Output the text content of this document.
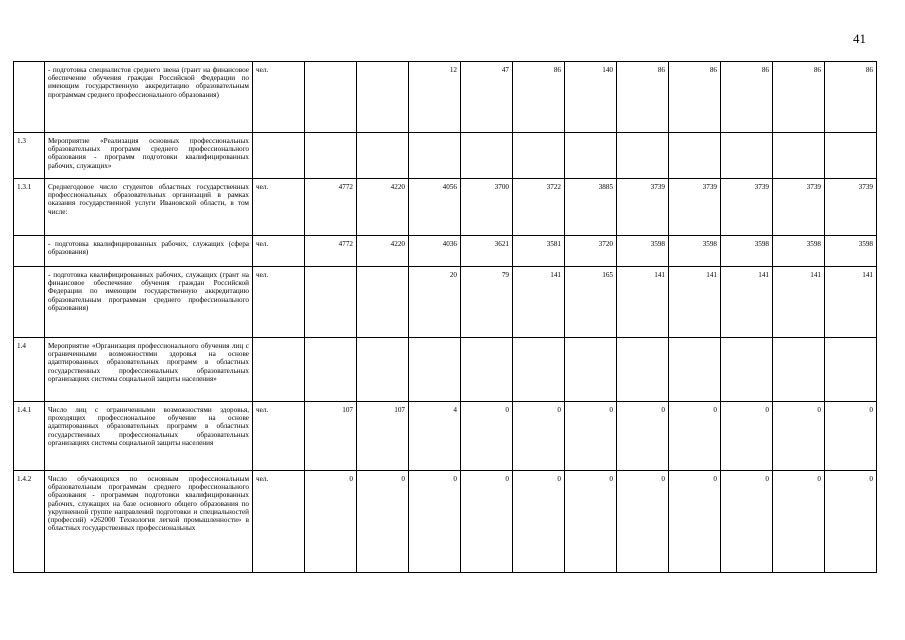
41
	- подготовка специалистов среднего звена (грант на финансовое обеспечение обучения граждан Российской Федерации по имеющим государственную аккредитацию образовательным программам среднего профессионального образования)	чел.			12	47	86	140	86	86	86	86	86
1.3	Мероприятие «Реализация основных профессиональных образовательных программ среднего профессионального образования - программ подготовки квалифицированных рабочих, служащих»												
1.3.1	Среднегодовое число студентов областных государственных профессиональных образовательных организаций в рамках оказания государственной услуги Ивановской области, в том числе:	чел.	4772	4220	4056	3700	3722	3885	3739	3739	3739	3739	3739
	- подготовка квалифицированных рабочих, служащих (сфера образования)	чел.	4772	4220	4036	3621	3581	3720	3598	3598	3598	3598	3598
	- подготовка квалифицированных рабочих, служащих (грант на финансовое обеспечение обучения граждан Российской Федерации по имеющим государственную аккредитацию образовательным программам среднего профессионального образования)	чел.			20	79	141	165	141	141	141	141	141
1.4	Мероприятие «Организация профессионального обучения лиц с ограниченными возможностями здоровья на основе адаптированных образовательных программ в областных государственных профессиональных образовательных организациях системы социальной защиты населения»												
1.4.1	Число лиц с ограниченными возможностями здоровья, проходящих профессиональное обучение на основе адаптированных образовательных программ в областных государственных профессиональных образовательных организациях системы социальной защиты населения	чел.	107	107	4	0	0	0	0	0	0	0	0
1.4.2	Число обучающихся по основным профессиональным образовательным программам среднего профессионального образования - программам подготовки квалифицированных рабочих, служащих на базе основного общего образования по укрупненной группе направлений подготовки и специальностей (профессий) «262000 Технология легкой промышленности» в областных государственных профессиональных	чел.	0	0	0	0	0	0	0	0	0	0	0
